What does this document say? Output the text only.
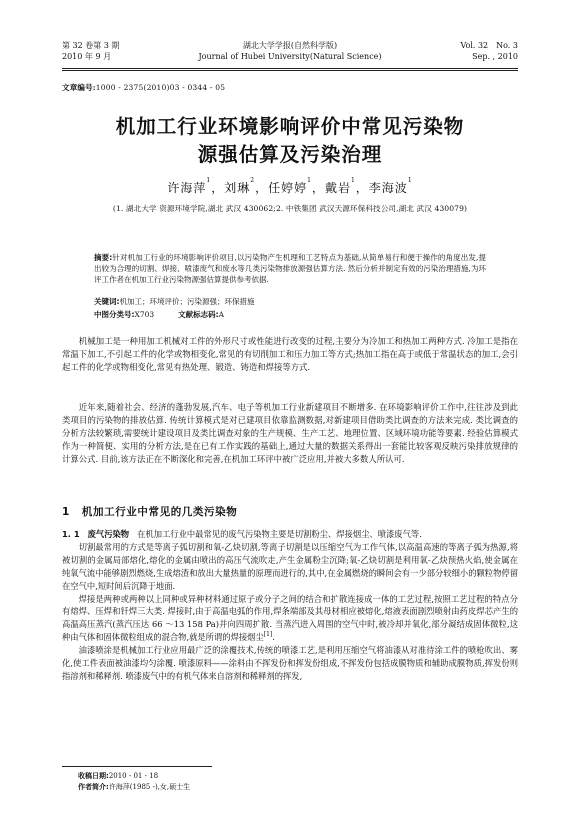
第 32 卷第 3 期
2010 年 9 月
湖北大学学报(自然科学版)
Journal of Hubei University(Natural Science)
Vol. 32　No. 3
Sep. , 2010
文章编号:1000 - 2375(2010)03 - 0344 - 05
机加工行业环境影响评价中常见污染物
源强估算及污染治理
许海萍$^1$，刘琳$^2$，任婷婷$^1$，戴岩$^1$，李海波$^1$
(1. 湖北大学 资源环境学院,湖北 武汉 430062;2. 中铁集团 武汉天源环保科技公司,湖北 武汉 430079)
摘要:针对机加工行业的环境影响评价项目,以污染物产生机理和工艺特点为基础,从简单易行和便于操作的角度出发,提出较为合理的切割、焊接、喷漆废气和废水等几类污染物排放源强估算方法. 然后分析并制定有效的污染治理措施,为环评工作者在机加工行业污染物源强估算提供参考依据.
关键词:机加工；环境评价；污染源强；环保措施
中图分类号:X703	文献标志码:A

机械加工是一种用加工机械对工件的外形尺寸或性能进行改变的过程,主要分为冷加工和热加工两种方式. 冷加工是指在常温下加工,不引起工件的化学或物相变化,常见的有切削加工和压力加工等方式;热加工指在高于或低于常温状态的加工,会引起工件的化学或物相变化,常见有热处理、锻造、铸造和焊接等方式.

近年来,随着社会、经济的蓬勃发展,汽车、电子等机加工行业新建项目不断增多. 在环境影响评价工作中,往往涉及到此类项目的污染物的排放估算. 传统计算模式是对已建项目依靠监测数据,对新建项目借助类比调查的方法来完成. 类比调查的分析方法较繁琐,需要统计建设项目及类比调查对象的生产规模、生产工艺、地理位置、区域环境功能等要素. 经验估算模式作为一种简便、实用的分析方法,是在已有工作实践的基础上,通过大量的数据关系得出一套能比较客观反映污染排放规律的计算公式. 目前,该方法正在不断深化和完善,在机加工环评中被广泛应用,并被大多数人所认可.

1 机加工行业中常见的几类污染物

1. 1 废气污染物 在机加工行业中最常见的废气污染物主要是切割粉尘、焊接烟尘、喷漆废气等.

切割最常用的方式是等离子弧切割和氧-乙炔切割,等离子切割是以压缩空气为工作气体,以高温高速的等离子弧为热源,将被切割的金属局部熔化,熔化的金属由喷出的高压气流吹走,产生金属粉尘沉降;氧-乙炔切割是利用氧-乙炔预热火焰,使金属在纯氧气流中能够剧烈燃烧,生成熔渣和放出大量热量的原理而进行的,其中,在金属燃烧的瞬间会有一少部分较细小的颗粒物停留在空气中,短时间后沉降于地面.

焊接是两种或两种以上同种或异种材料通过原子或分子之间的结合和扩散连接成一体的工艺过程,按照工艺过程的特点分有熔焊、压焊和钎焊三大类. 焊接时,由于高温电弧的作用,焊条端部及其母材相应被熔化,熔液表面剧烈喷射由药皮焊芯产生的高温高压蒸汽(蒸汽压达 66 ～13 158 Pa)并向四周扩散. 当蒸汽进入周围的空气中时,被冷却并氧化,部分凝结成固体微粒,这种由气体和固体微粒组成的混合物,就是所谓的焊接烟尘[1].

油漆喷涂是机械加工行业应用最广泛的涂覆技术,传统的喷漆工艺,是利用压缩空气将油漆从对准待涂工件的喷枪吹出、雾化,使工件表面被油漆均匀涂覆. 喷漆原料——涂料由不挥发份和挥发份组成,不挥发份包括成膜物质和辅助成膜物质,挥发份则指溶剂和稀释剂. 喷漆废气中的有机气体来自溶剂和稀释剂的挥发,

收稿日期:2010 - 01 - 18
作者简介:许海萍(1985 -),女,硕士生
